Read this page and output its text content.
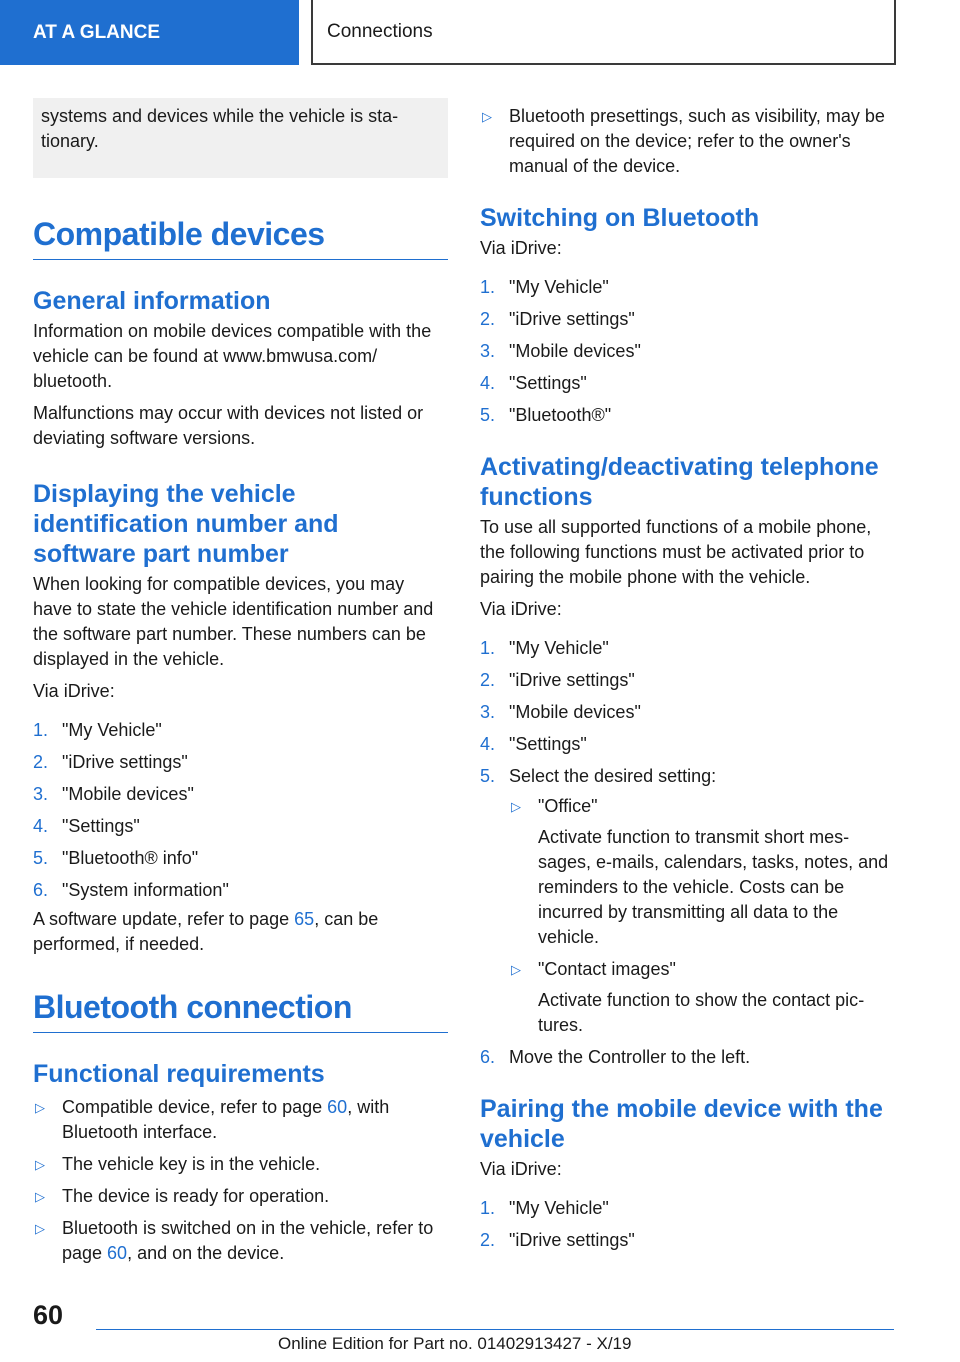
AT A GLANCE	Connections
systems and devices while the vehicle is stationary.
Compatible devices
General information

Information on mobile devices compatible with the vehicle can be found at www.bmwusa.com/ bluetooth.

Malfunctions may occur with devices not listed or deviating software versions.

Displaying the vehicle identification number and software part number

When looking for compatible devices, you may have to state the vehicle identification number and the software part number. These numbers can be displayed in the vehicle.

Via iDrive:

1. "My Vehicle"
2. "iDrive settings"
3. "Mobile devices"
4. "Settings"
5. "Bluetooth® info"
6. "System information"

A software update, refer to page 65, can be performed, if needed.

Bluetooth connection
Functional requirements
▷ Compatible device, refer to page 60, with Bluetooth interface.
▷ The vehicle key is in the vehicle.
▷ The device is ready for operation.
▷ Bluetooth is switched on in the vehicle, refer to page 60, and on the device.
▷ Bluetooth presettings, such as visibility, may be required on the device; refer to the owner's manual of the device.
Switching on Bluetooth

Via iDrive:

1. "My Vehicle"
2. "iDrive settings"
3. "Mobile devices"
4. "Settings"
5. "Bluetooth®"
Activating/deactivating telephone functions

To use all supported functions of a mobile phone, the following functions must be activated prior to pairing the mobile phone with the vehicle.

Via iDrive:

1. "My Vehicle"
2. "iDrive settings"
3. "Mobile devices"
4. "Settings"
5. Select the desired setting:
▷ "Office"
Activate function to transmit short messages, e-mails, calendars, tasks, notes, and reminders to the vehicle. Costs can be incurred by transmitting all data to the vehicle.
▷ "Contact images"
Activate function to show the contact pictures.
6. Move the Controller to the left.
Pairing the mobile device with the vehicle

Via iDrive:

1. "My Vehicle"
2. "iDrive settings"
60
Online Edition for Part no. 01402913427 - X/19
